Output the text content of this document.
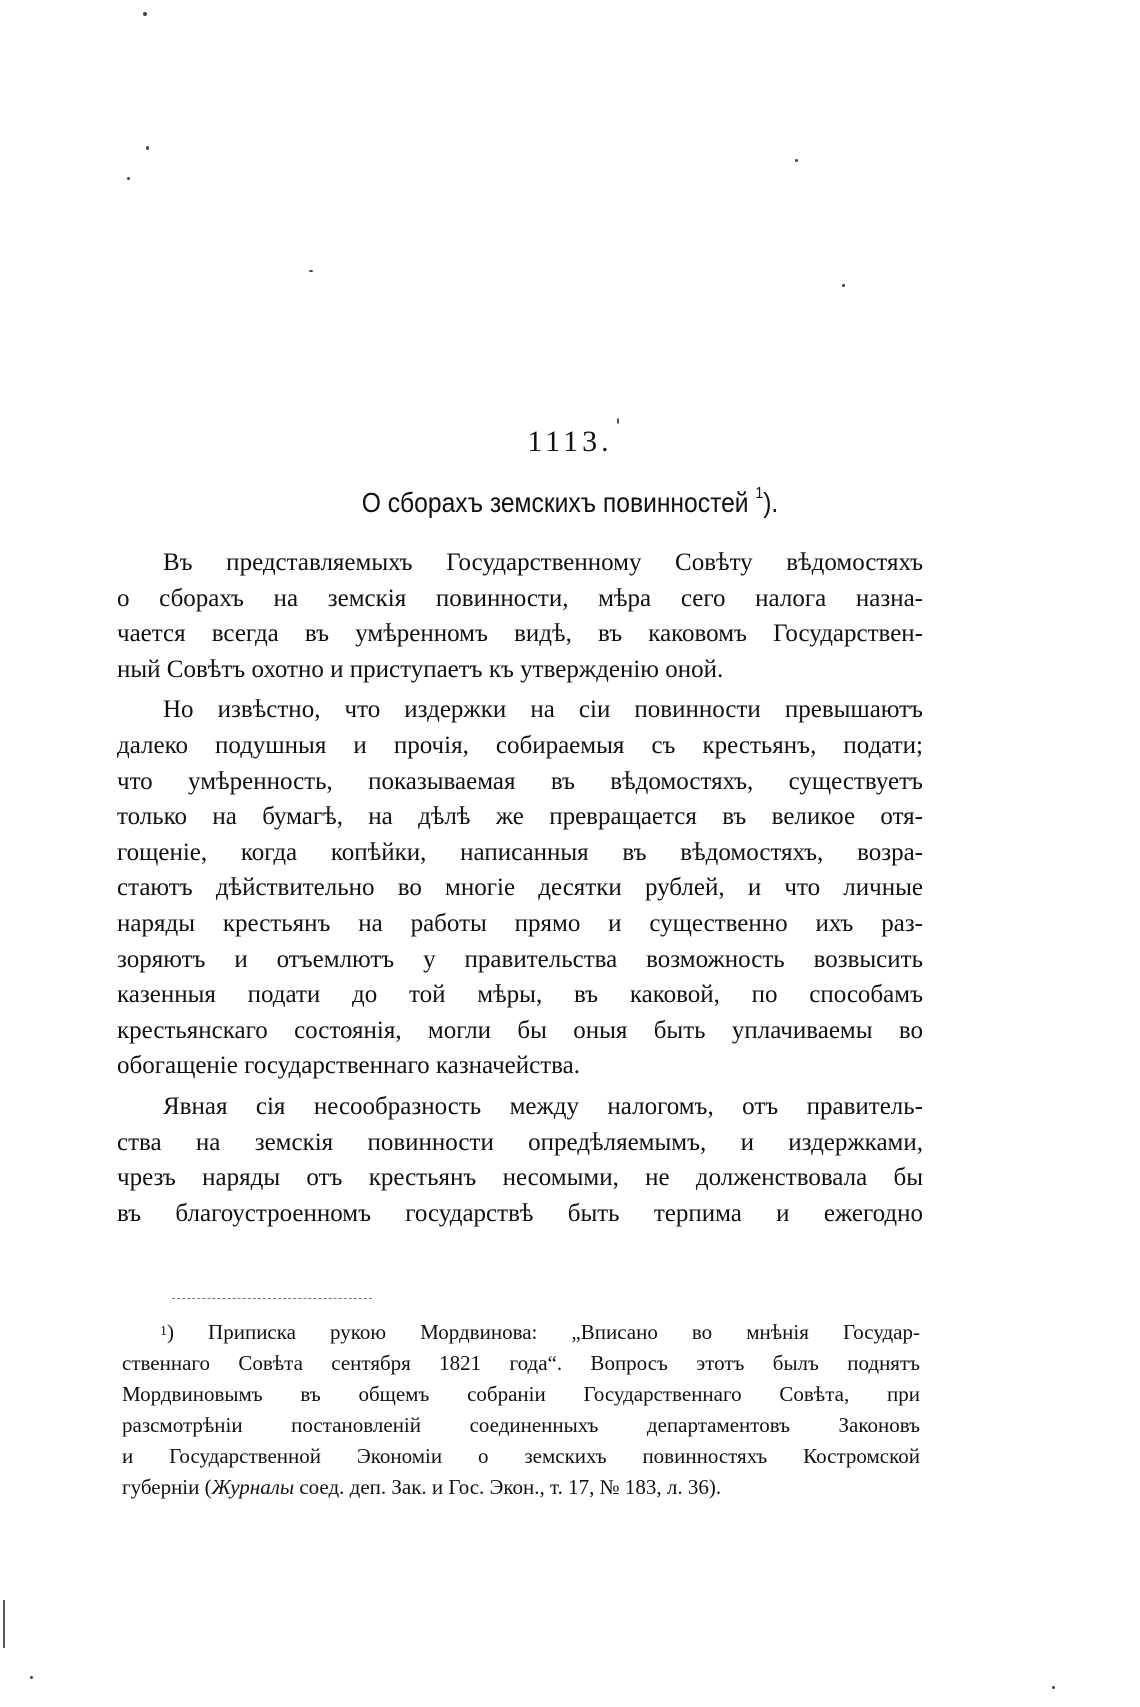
1113.
О сборахъ земскихъ повинностей $^1$).
Въ представляемыхъ Государственному Совѣту вѣдомостяхъ
о сборахъ на земскія повинности, мѣра сего налога назна-
чается всегда въ умѣренномъ видѣ, въ каковомъ Государствен-
ный Совѣтъ охотно и приступаетъ къ утвержденію оной.
Но извѣстно, что издержки на сіи повинности превышаютъ
далеко подушныя и прочія, собираемыя съ крестьянъ, подати;
что умѣренность, показываемая въ вѣдомостяхъ, существуетъ
только на бумагѣ, на дѣлѣ же превращается въ великое отя-
гощеніе, когда копѣйки, написанныя въ вѣдомостяхъ, возра-
стаютъ дѣйствительно во многіе десятки рублей, и что личные
наряды крестьянъ на работы прямо и существенно ихъ раз-
зоряютъ и отъемлютъ у правительства возможность возвысить
казенныя подати до той мѣры, въ каковой, по способамъ
крестьянскаго состоянія, могли бы оныя быть уплачиваемы во
обогащеніе государственнаго казначейства.
Явная сія несообразность между налогомъ, отъ правитель-
ства на земскія повинности опредѣляемымъ, и издержками,
чрезъ наряды отъ крестьянъ несомыми, не долженствовала бы
въ благоустроенномъ государствѣ быть терпима и ежегодно
$^1$) Приписка рукою Мордвинова: „Вписано во мнѣнія Государ-
ственнаго Совѣта сентября 1821 года“. Вопросъ этотъ былъ поднятъ
Мордвиновымъ въ общемъ собраніи Государственнаго Совѣта, при
разсмотрѣніи постановленій соединенныхъ департаментовъ Законовъ
и Государственной Экономіи о земскихъ повинностяхъ Костромской
губерніи (Журналы соед. деп. Зак. и Гос. Экон., т. 17, № 183, л. 36).
